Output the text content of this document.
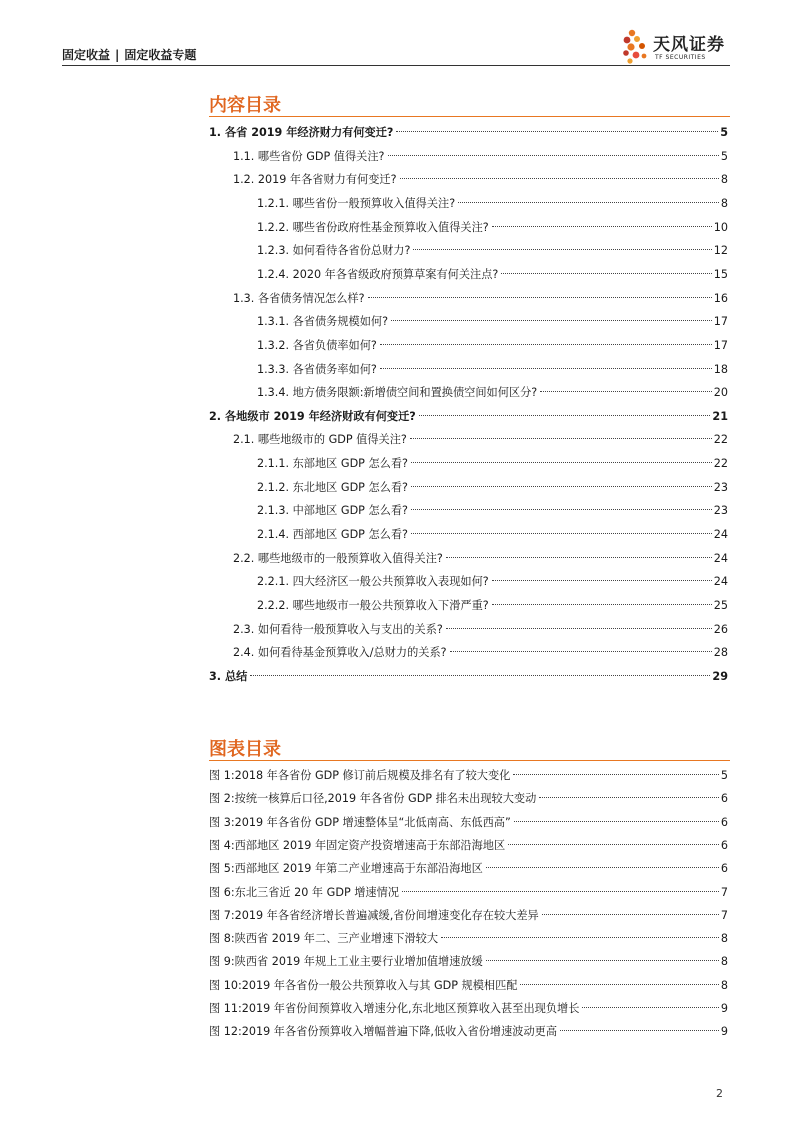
固定收益 | 固定收益专题	天风证券
TF SECURITIES
内容目录
1. 各省 2019 年经济财力有何变迁?	5
1.1. 哪些省份 GDP 值得关注?	5
1.2. 2019 年各省财力有何变迁?	8
1.2.1. 哪些省份一般预算收入值得关注?	8
1.2.2. 哪些省份政府性基金预算收入值得关注?	10
1.2.3. 如何看待各省份总财力?	12
1.2.4. 2020 年各省级政府预算草案有何关注点?	15
1.3. 各省债务情况怎么样?	16
1.3.1. 各省债务规模如何?	17
1.3.2. 各省负债率如何?	17
1.3.3. 各省债务率如何?	18
1.3.4. 地方债务限额:新增债空间和置换债空间如何区分?	20
2. 各地级市 2019 年经济财政有何变迁?	21
2.1. 哪些地级市的 GDP 值得关注?	22
2.1.1. 东部地区 GDP 怎么看?	22
2.1.2. 东北地区 GDP 怎么看?	23
2.1.3. 中部地区 GDP 怎么看?	23
2.1.4. 西部地区 GDP 怎么看?	24
2.2. 哪些地级市的一般预算收入值得关注?	24
2.2.1. 四大经济区一般公共预算收入表现如何?	24
2.2.2. 哪些地级市一般公共预算收入下滑严重?	25
2.3. 如何看待一般预算收入与支出的关系?	26
2.4. 如何看待基金预算收入/总财力的关系?	28
3. 总结	29
图表目录
图 1:2018 年各省份 GDP 修订前后规模及排名有了较大变化	5
图 2:按统一核算后口径,2019 年各省份 GDP 排名未出现较大变动	6
图 3:2019 年各省份 GDP 增速整体呈“北低南高、东低西高”	6
图 4:西部地区 2019 年固定资产投资增速高于东部沿海地区	6
图 5:西部地区 2019 年第二产业增速高于东部沿海地区	6
图 6:东北三省近 20 年 GDP 增速情况	7
图 7:2019 年各省经济增长普遍减缓,省份间增速变化存在较大差异	7
图 8:陕西省 2019 年二、三产业增速下滑较大	8
图 9:陕西省 2019 年规上工业主要行业增加值增速放缓	8
图 10:2019 年各省份一般公共预算收入与其 GDP 规模相匹配	8
图 11:2019 年省份间预算收入增速分化,东北地区预算收入甚至出现负增长	9
图 12:2019 年各省份预算收入增幅普遍下降,低收入省份增速波动更高	9
2
